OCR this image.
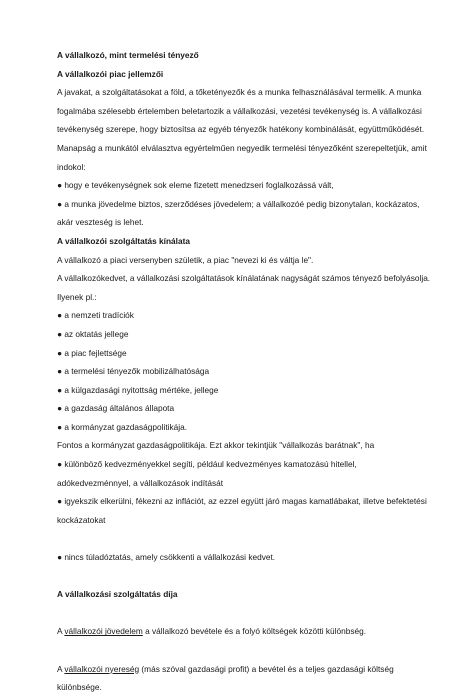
A vállalkozó, mint termelési tényező
A vállalkozói piac jellemzői
A javakat, a szolgáltatásokat a föld, a tőketényezők és a munka felhasználásával termelik. A munka
fogalmába szélesebb értelemben beletartozik a vállalkozási, vezetési tevékenység is. A vállalkozási
tevékenység szerepe, hogy biztosítsa az egyéb tényezők hatékony kombinálását, együttműködését.
Manapság a munkától elválasztva egyértelműen negyedik termelési tényezőként szerepeltetjük, amit
indokol:
● hogy e tevékenységnek sok eleme fizetett menedzseri foglalkozássá vált,
● a munka jövedelme biztos, szerződéses jövedelem; a vállalkozóé pedig bizonytalan, kockázatos,
akár veszteség is lehet.
A vállalkozói szolgáltatás kínálata
A vállalkozó a piaci versenyben születik, a piac "nevezi ki és váltja le".
A vállalkozókedvet, a vállalkozási szolgáltatások kínálatának nagyságát számos tényező befolyásolja.
Ilyenek pl.:
● a nemzeti tradíciók
● az oktatás jellege
● a piac fejlettsége
● a termelési tényezők mobilizálhatósága
● a külgazdasági nyitottság mértéke, jellege
● a gazdaság általános állapota
● a kormányzat gazdaságpolitikája.
Fontos a kormányzat gazdaságpolitikája. Ezt akkor tekintjük "vállalkozás barátnak", ha
● különböző kedvezményekkel segíti, például kedvezményes kamatozású hitellel,
adókedvezménnyel, a vállalkozások indítását
● igyekszik elkerülni, fékezni az inflációt, az ezzel együtt járó magas kamatlábakat, illetve befektetési
kockázatokat
● nincs túladóztatás, amely csökkenti a vállalkozási kedvet.
A vállalkozási szolgáltatás díja
A vállalkozói jövedelem a vállalkozó bevétele és a folyó költségek közötti különbség.
A vállalkozói nyereség (más szóval gazdasági profit) a bevétel és a teljes gazdasági költség
különbsége.
